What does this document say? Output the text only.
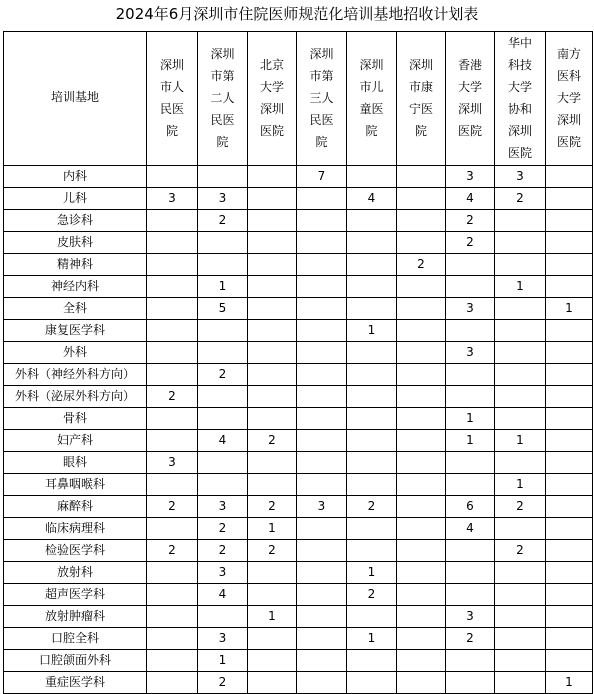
2024年6月深圳市住院医师规范化培训基地招收计划表
培训基地	深圳市人民医院	深圳市第二人民医院	北京大学深圳医院	深圳市第三人民医院	深圳市儿童医院	深圳市康宁医院	香港大学深圳医院	华中科技大学协和深圳医院	南方医科大学深圳医院
内科				7			3	3	
儿科	3	3			4		4	2	
急诊科		2					2		
皮肤科							2		
精神科						2			
神经内科		1						1	
全科		5					3		1
康复医学科					1				
外科							3		
外科（神经外科方向）		2							
外科（泌尿外科方向）	2								
骨科							1		
妇产科		4	2				1	1	
眼科	3								
耳鼻咽喉科								1	
麻醉科	2	3	2	3	2		6	2	
临床病理科		2	1				4		
检验医学科	2	2	2					2	
放射科		3			1				
超声医学科		4			2				
放射肿瘤科			1				3		
口腔全科		3			1		2		
口腔颌面外科		1							
重症医学科		2							1
